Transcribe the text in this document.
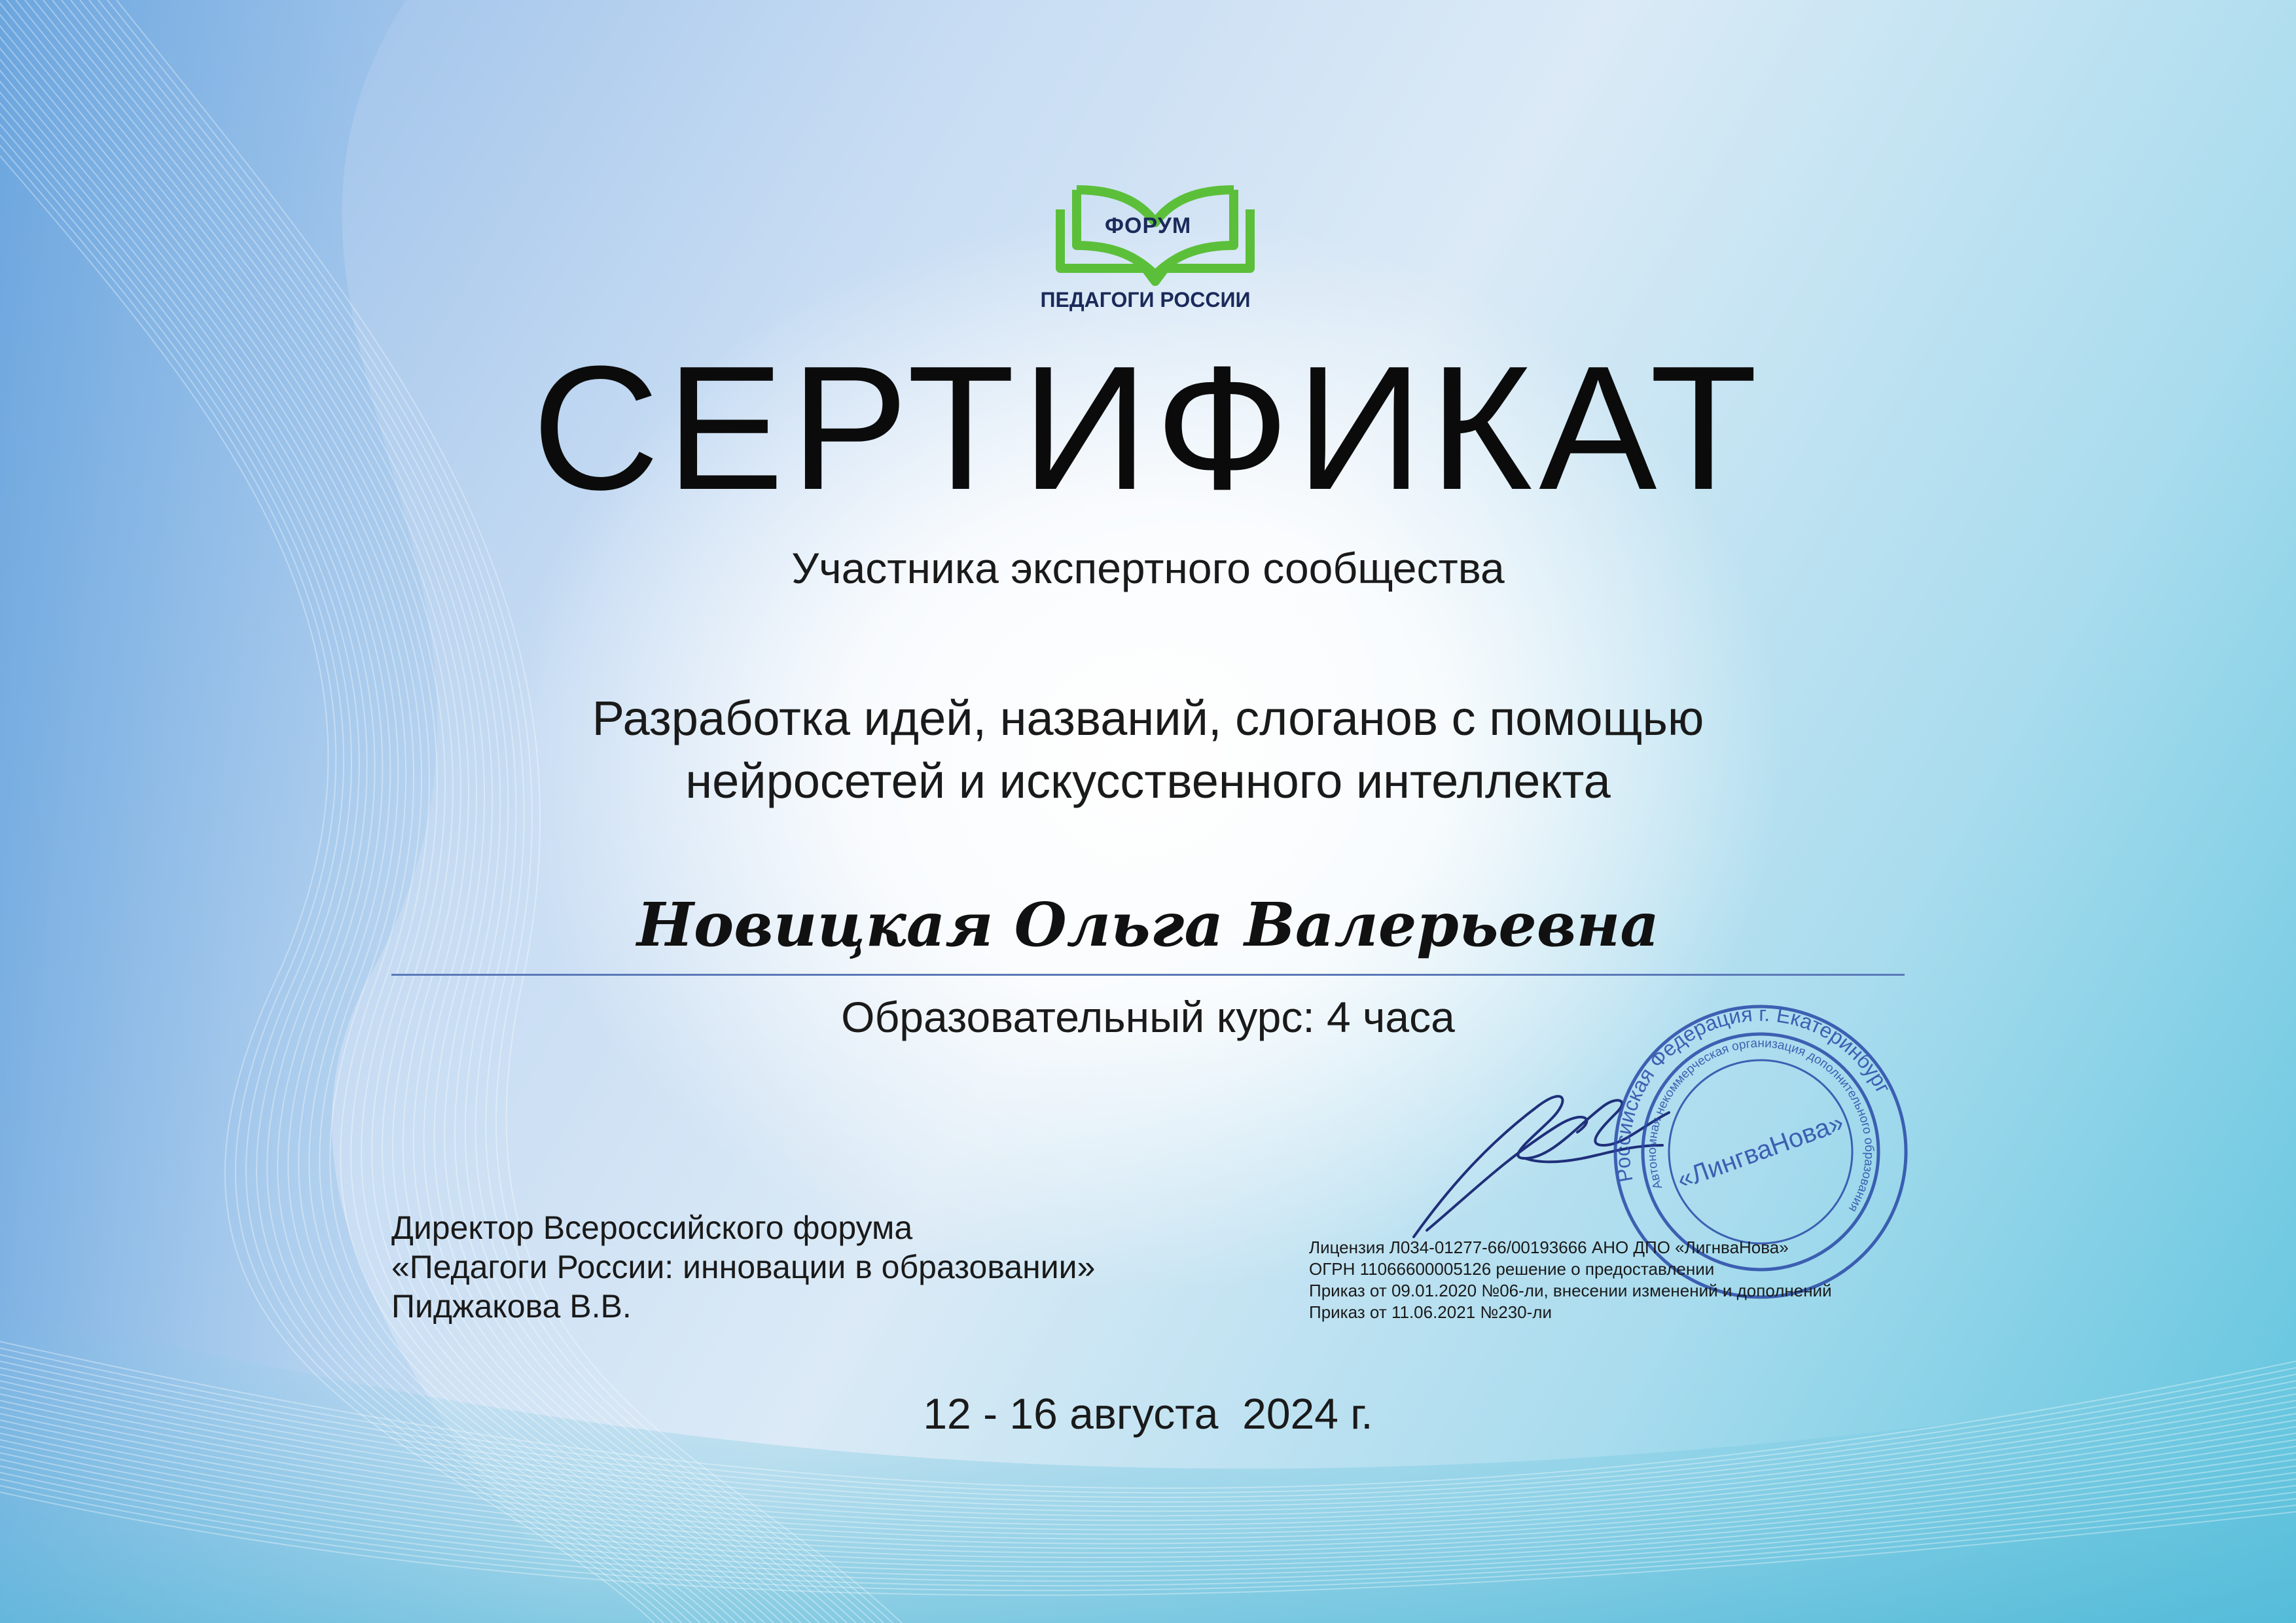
ФОРУМ
ПЕДАГОГИ РОССИИ
СЕРТИФИКАТ
Участника экспертного сообщества
Разработка идей, названий, слоганов с помощью
нейросетей и искусственного интеллекта
Новицкая Ольга Валерьевна
Образовательный курс: 4 часа
Директор Всероссийского форума
«Педагоги России: инновации в образовании»
Пиджакова В.В.
Российская Федерация г. Екатеринбург
Автономная некоммерческая организация дополнительного образования
«ЛингваНова»
Лицензия Л034-01277-66/00193666 АНО ДПО «ЛигнваНова»
ОГРН 11066600005126 решение о предоставлении
Приказ от 09.01.2020 №06-ли, внесении изменений и дополнений
Приказ от 11.06.2021 №230-ли
12 - 16 августа  2024 г.
